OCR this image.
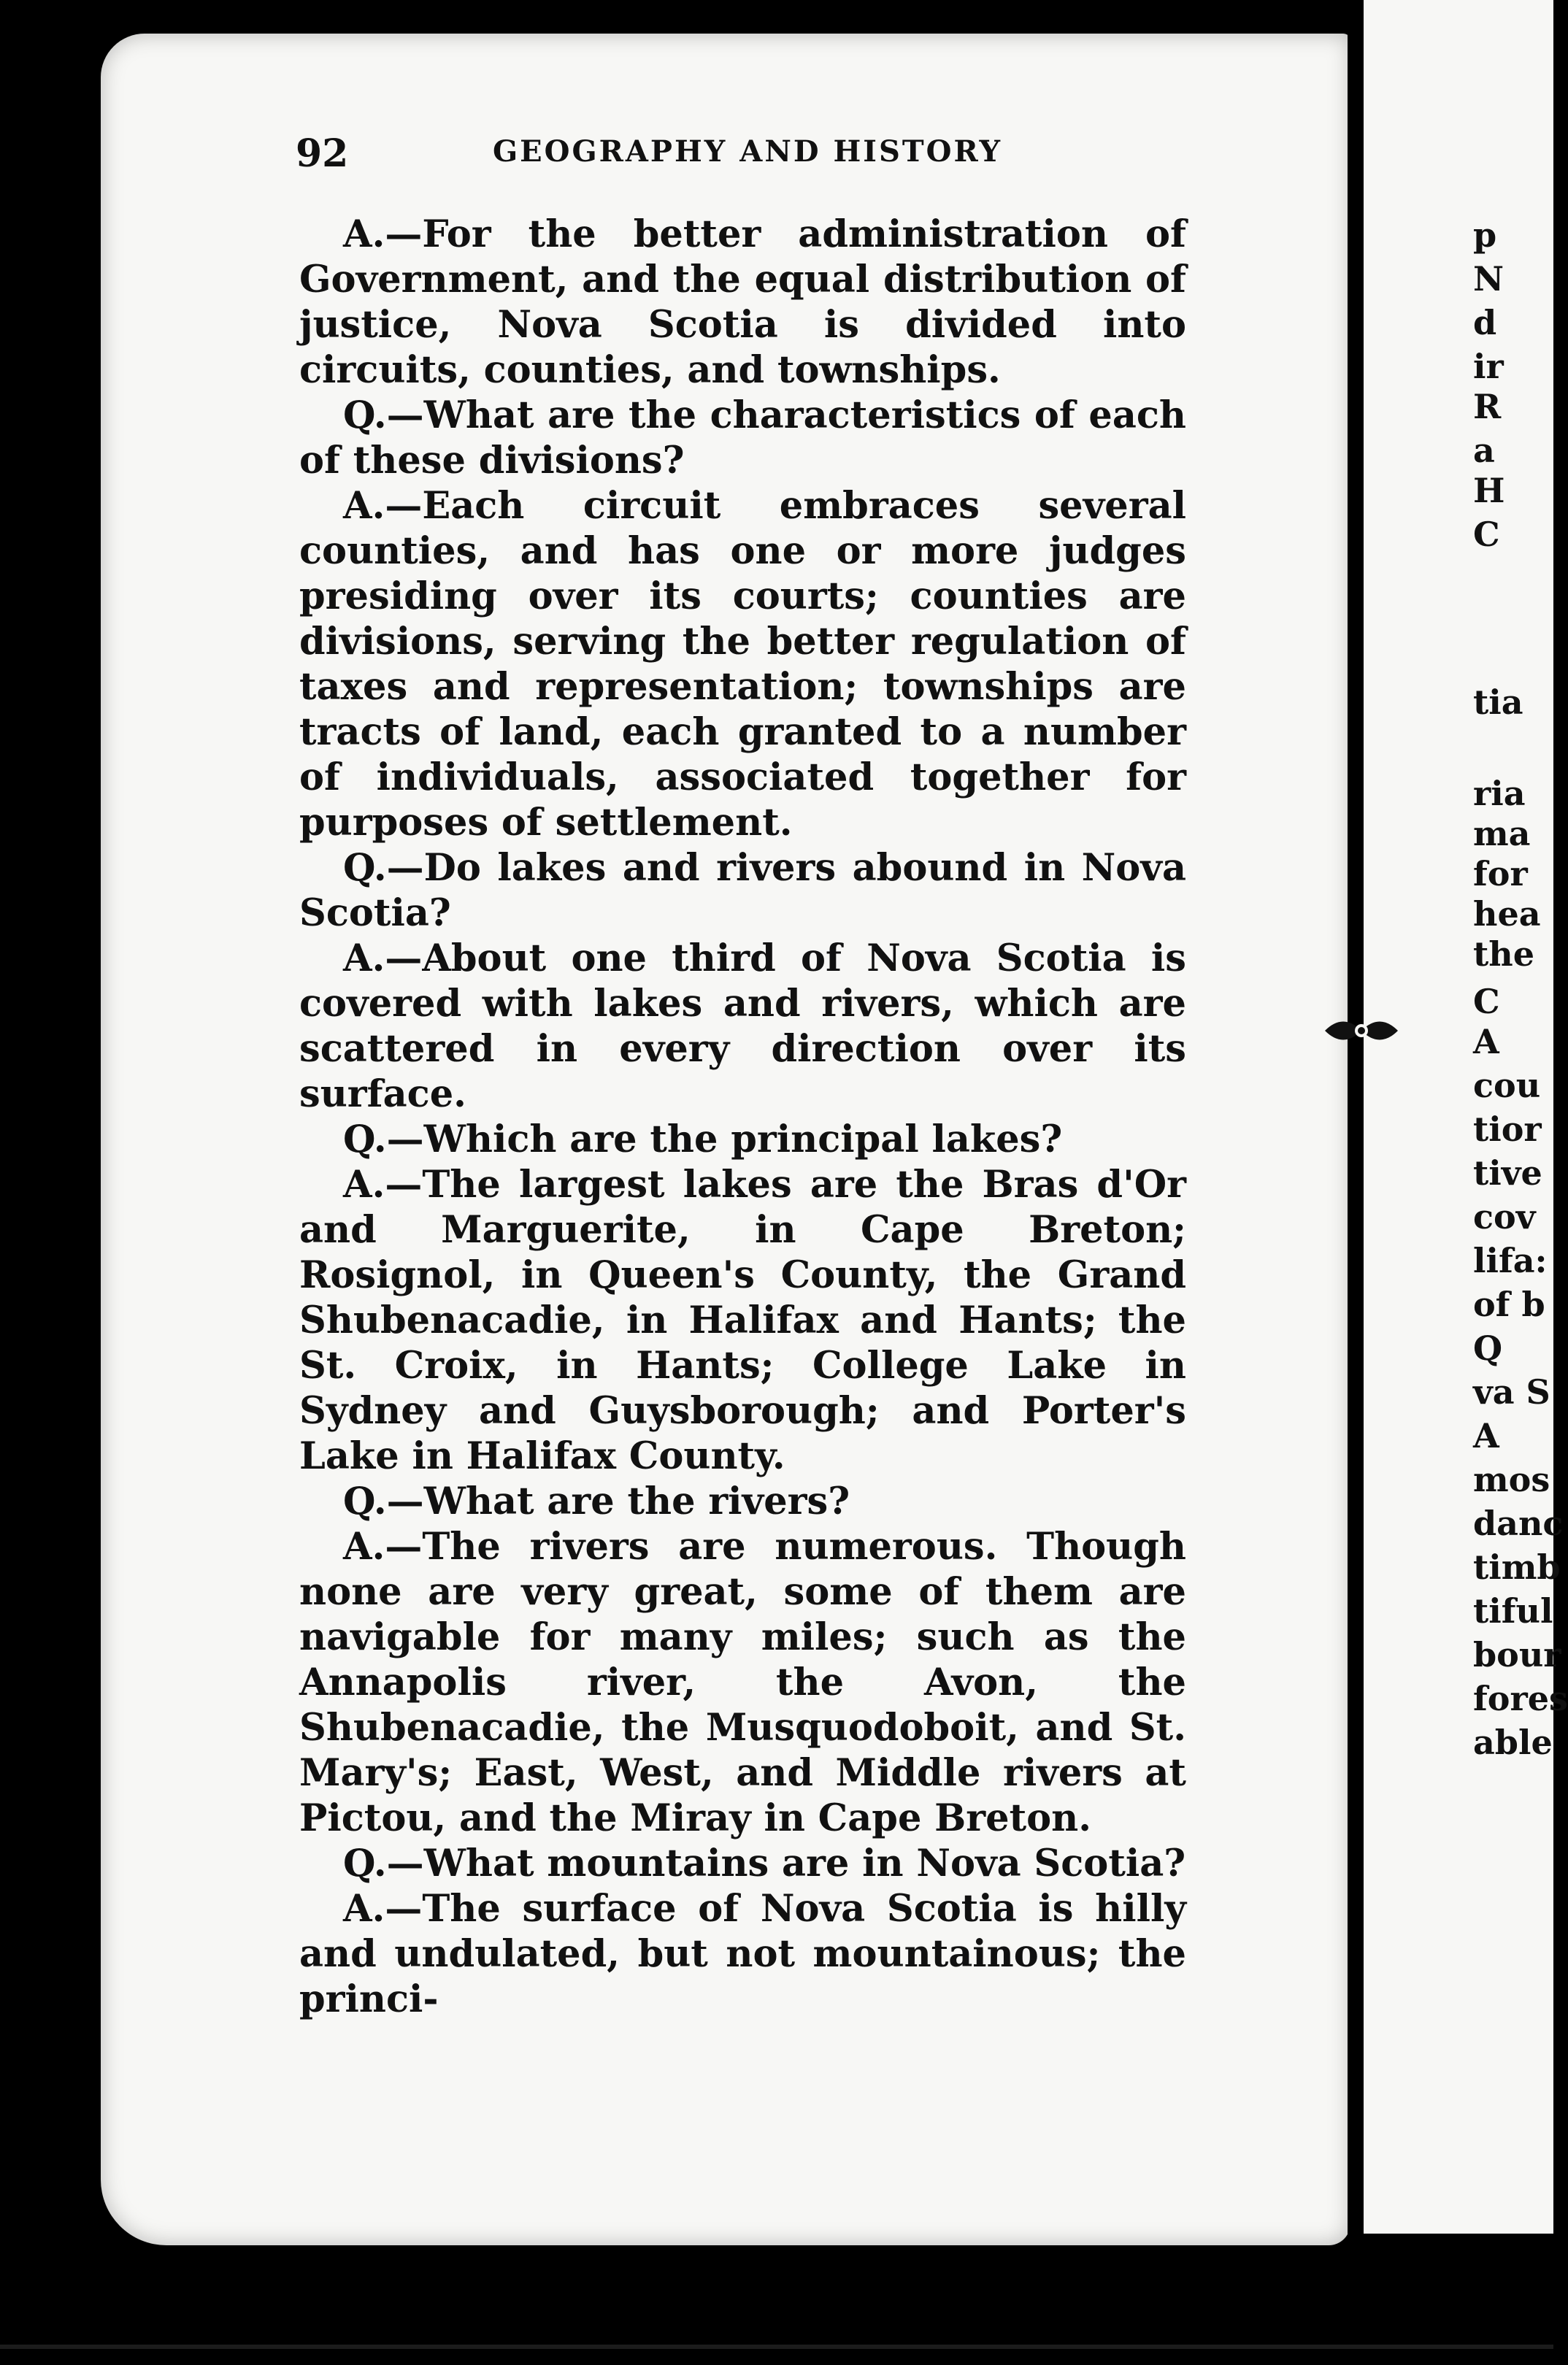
p
N
d
ir
R
a
H
C
tia
ria
ma
for
hea
the
C
A
cou
tior
tive
cov
lifa:
of b
Q
va S
A
mos
danc
timb
tiful
bour
fores
able
92	GEOGRAPHY AND HISTORY

A.—For the better administration of Government, and the equal distribution of justice, Nova Scotia is divided into circuits, counties, and townships.

Q.—What are the characteristics of each of these divisions?

A.—Each circuit embraces several counties, and has one or more judges presiding over its courts; counties are divisions, serving the better regulation of taxes and representation; townships are tracts of land, each granted to a number of individuals, associated together for purposes of settlement.

Q.—Do lakes and rivers abound in Nova Scotia?

A.—About one third of Nova Scotia is covered with lakes and rivers, which are scattered in every direction over its surface.

Q.—Which are the principal lakes?

A.—The largest lakes are the Bras d'Or and Marguerite, in Cape Breton; Rosignol, in Queen's County, the Grand Shubenacadie, in Halifax and Hants; the St. Croix, in Hants; College Lake in Sydney and Guysborough; and Porter's Lake in Halifax County.

Q.—What are the rivers?

A.—The rivers are numerous. Though none are very great, some of them are navigable for many miles; such as the Annapolis river, the Avon, the Shubenacadie, the Musquodoboit, and St. Mary's; East, West, and Middle rivers at Pictou, and the Miray in Cape Breton.

Q.—What mountains are in Nova Scotia?

A.—The surface of Nova Scotia is hilly and undulated, but not mountainous; the princi-
